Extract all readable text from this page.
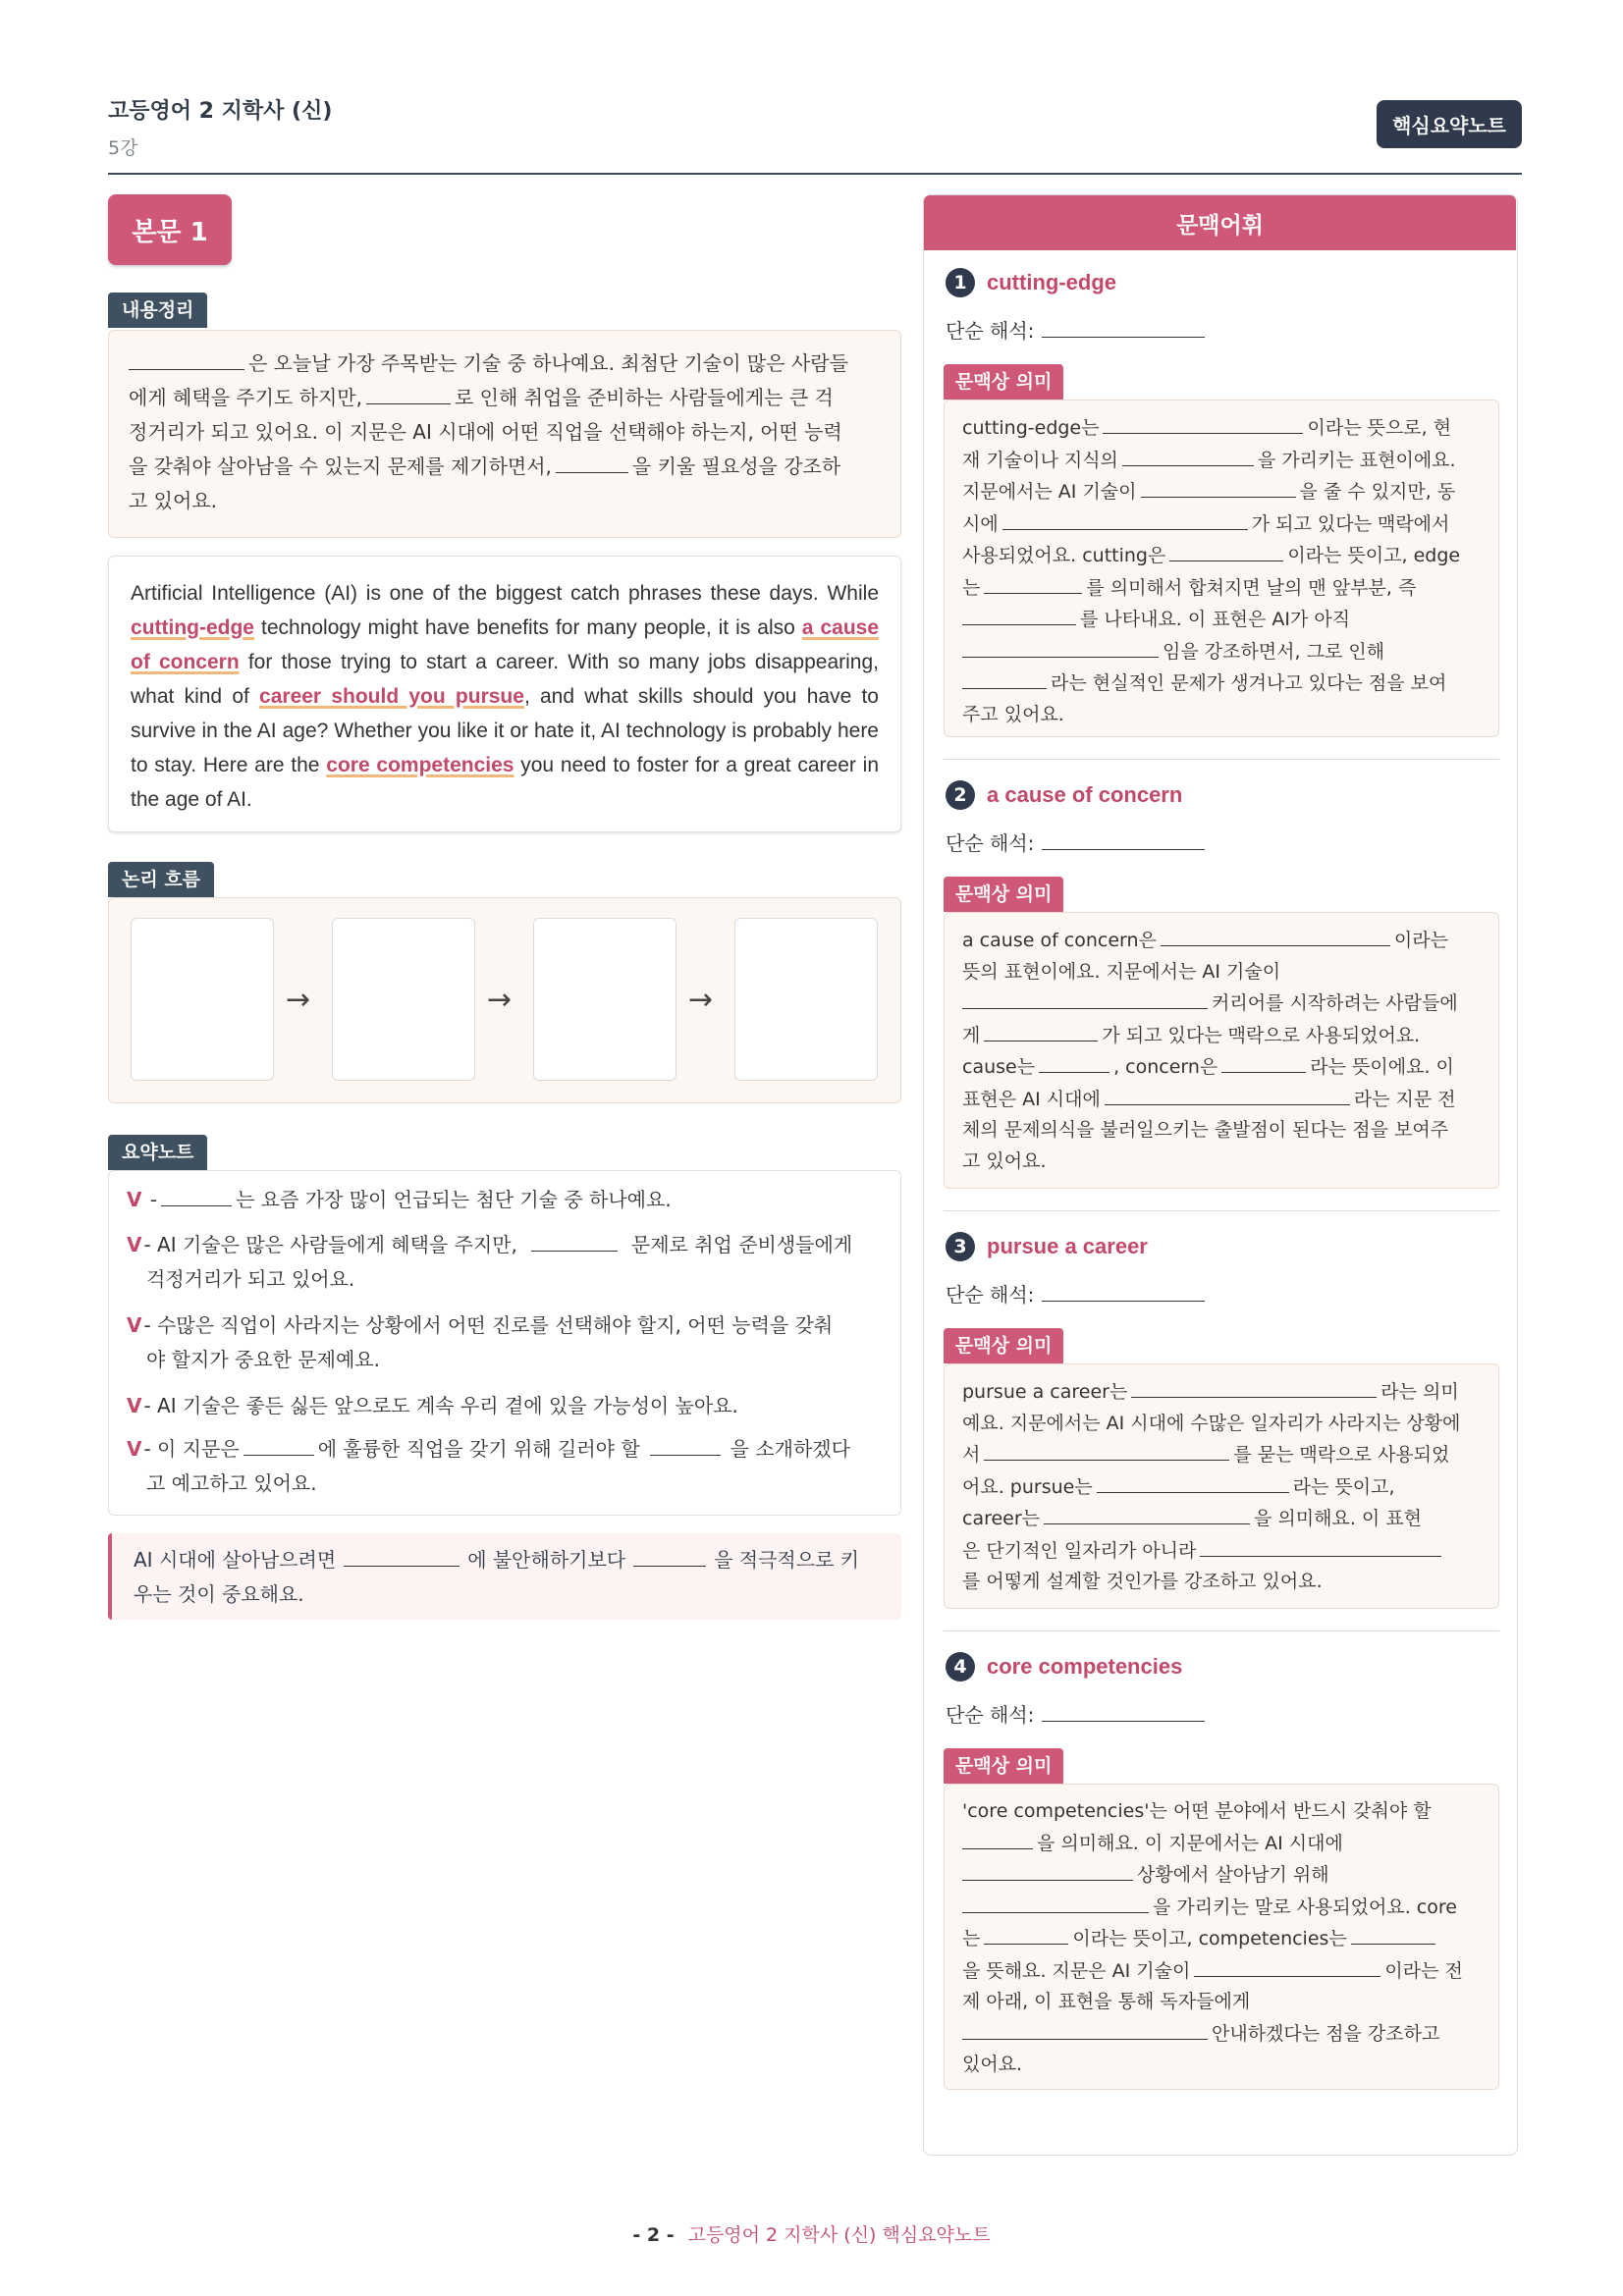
고등영어 2 지학사 (신)
5강
핵심요약노트
본문 1
내용정리
은 오늘날 가장 주목받는 기술 중 하나예요. 최첨단 기술이 많은 사람들
에게 혜택을 주기도 하지만,	로 인해 취업을 준비하는 사람들에게는 큰 걱
정거리가 되고 있어요. 이 지문은 AI 시대에 어떤 직업을 선택해야 하는지, 어떤 능력
을 갖춰야 살아남을 수 있는지 문제를 제기하면서,	을 키울 필요성을 강조하
고 있어요.
Artificial Intelligence (AI) is one of the biggest catch phrases these days. While cutting-edge technology might have benefits for many people, it is also a cause of concern for those trying to start a career. With so many jobs disappearing, what kind of career should you pursue, and what skills should you have to survive in the AI age? Whether you like it or hate it, AI technology is probably here to stay. Here are the core competencies you need to foster for a great career in the age of AI.
논리 흐름
→	→	→
요약노트
V -	는 요즘 가장 많이 언급되는 첨단 기술 중 하나예요.
V - AI 기술은 많은 사람들에게 혜택을 주지만,	문제로 취업 준비생들에게
걱정거리가 되고 있어요.
V - 수많은 직업이 사라지는 상황에서 어떤 진로를 선택해야 할지, 어떤 능력을 갖춰
야 할지가 중요한 문제예요.
V - AI 기술은 좋든 싫든 앞으로도 계속 우리 곁에 있을 가능성이 높아요.
V - 이 지문은	에 훌륭한 직업을 갖기 위해 길러야 할	을 소개하겠다
고 예고하고 있어요.
AI 시대에 살아남으려면	에 불안해하기보다	을 적극적으로 키
우는 것이 중요해요.
문맥어휘
1 cutting-edge
단순 해석:
문맥상 의미
cutting-edge는	이라는 뜻으로, 현
재 기술이나 지식의	을 가리키는 표현이에요.
지문에서는 AI 기술이	을 줄 수 있지만, 동
시에	가 되고 있다는 맥락에서
사용되었어요. cutting은	이라는 뜻이고, edge
는	를 의미해서 합쳐지면 날의 맨 앞부분, 즉
를 나타내요. 이 표현은 AI가 아직
임을 강조하면서, 그로 인해
라는 현실적인 문제가 생겨나고 있다는 점을 보여
주고 있어요.
2 a cause of concern
단순 해석:
문맥상 의미
a cause of concern은	이라는
뜻의 표현이에요. 지문에서는 AI 기술이
커리어를 시작하려는 사람들에
게	가 되고 있다는 맥락으로 사용되었어요.
cause는	, concern은	라는 뜻이에요. 이
표현은 AI 시대에	라는 지문 전
체의 문제의식을 불러일으키는 출발점이 된다는 점을 보여주
고 있어요.
3 pursue a career
단순 해석:
문맥상 의미
pursue a career는	라는 의미
예요. 지문에서는 AI 시대에 수많은 일자리가 사라지는 상황에
서	를 묻는 맥락으로 사용되었
어요. pursue는	라는 뜻이고,
career는	을 의미해요. 이 표현
은 단기적인 일자리가 아니라
를 어떻게 설계할 것인가를 강조하고 있어요.
4 core competencies
단순 해석:
문맥상 의미
'core competencies'는 어떤 분야에서 반드시 갖춰야 할
을 의미해요. 이 지문에서는 AI 시대에
상황에서 살아남기 위해
을 가리키는 말로 사용되었어요. core
는	이라는 뜻이고, competencies는
을 뜻해요. 지문은 AI 기술이	이라는 전
제 아래, 이 표현을 통해 독자들에게
안내하겠다는 점을 강조하고
있어요.
- 2 - 고등영어 2 지학사 (신) 핵심요약노트
